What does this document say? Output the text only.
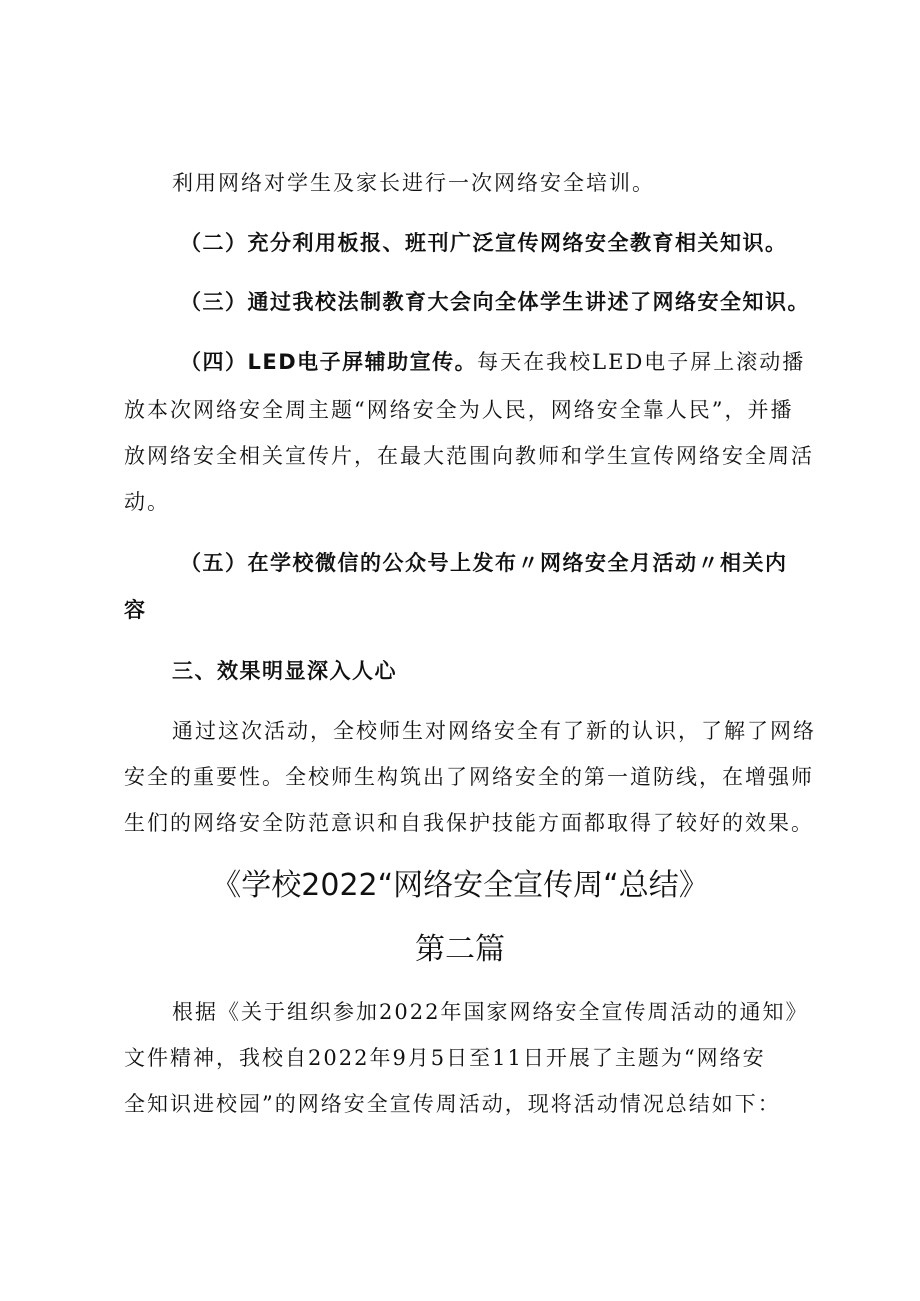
利用网络对学生及家长进行一次网络安全培训。
（二）充分利用板报、班刊广泛宣传网络安全教育相关知识。
（三）通过我校法制教育大会向全体学生讲述了网络安全知识。
（四）LED电子屏辅助宣传。每天在我校LED电子屏上滚动播
放本次网络安全周主题“网络安全为人民，网络安全靠人民”，并播
放网络安全相关宣传片，在最大范围向教师和学生宣传网络安全周活
动。
（五）在学校微信的公众号上发布〃网络安全月活动〃相关内
容
三、效果明显深入人心
通过这次活动，全校师生对网络安全有了新的认识，了解了网络
安全的重要性。全校师生构筑出了网络安全的第一道防线，在增强师
生们的网络安全防范意识和自我保护技能方面都取得了较好的效果。
《学校2022“网络安全宣传周“总结》
第二篇
根据《关于组织参加2022年国家网络安全宣传周活动的通知》
文件精神，我校自2022年9月5日至11日开展了主题为“网络安
全知识进校园”的网络安全宣传周活动，现将活动情况总结如下：
